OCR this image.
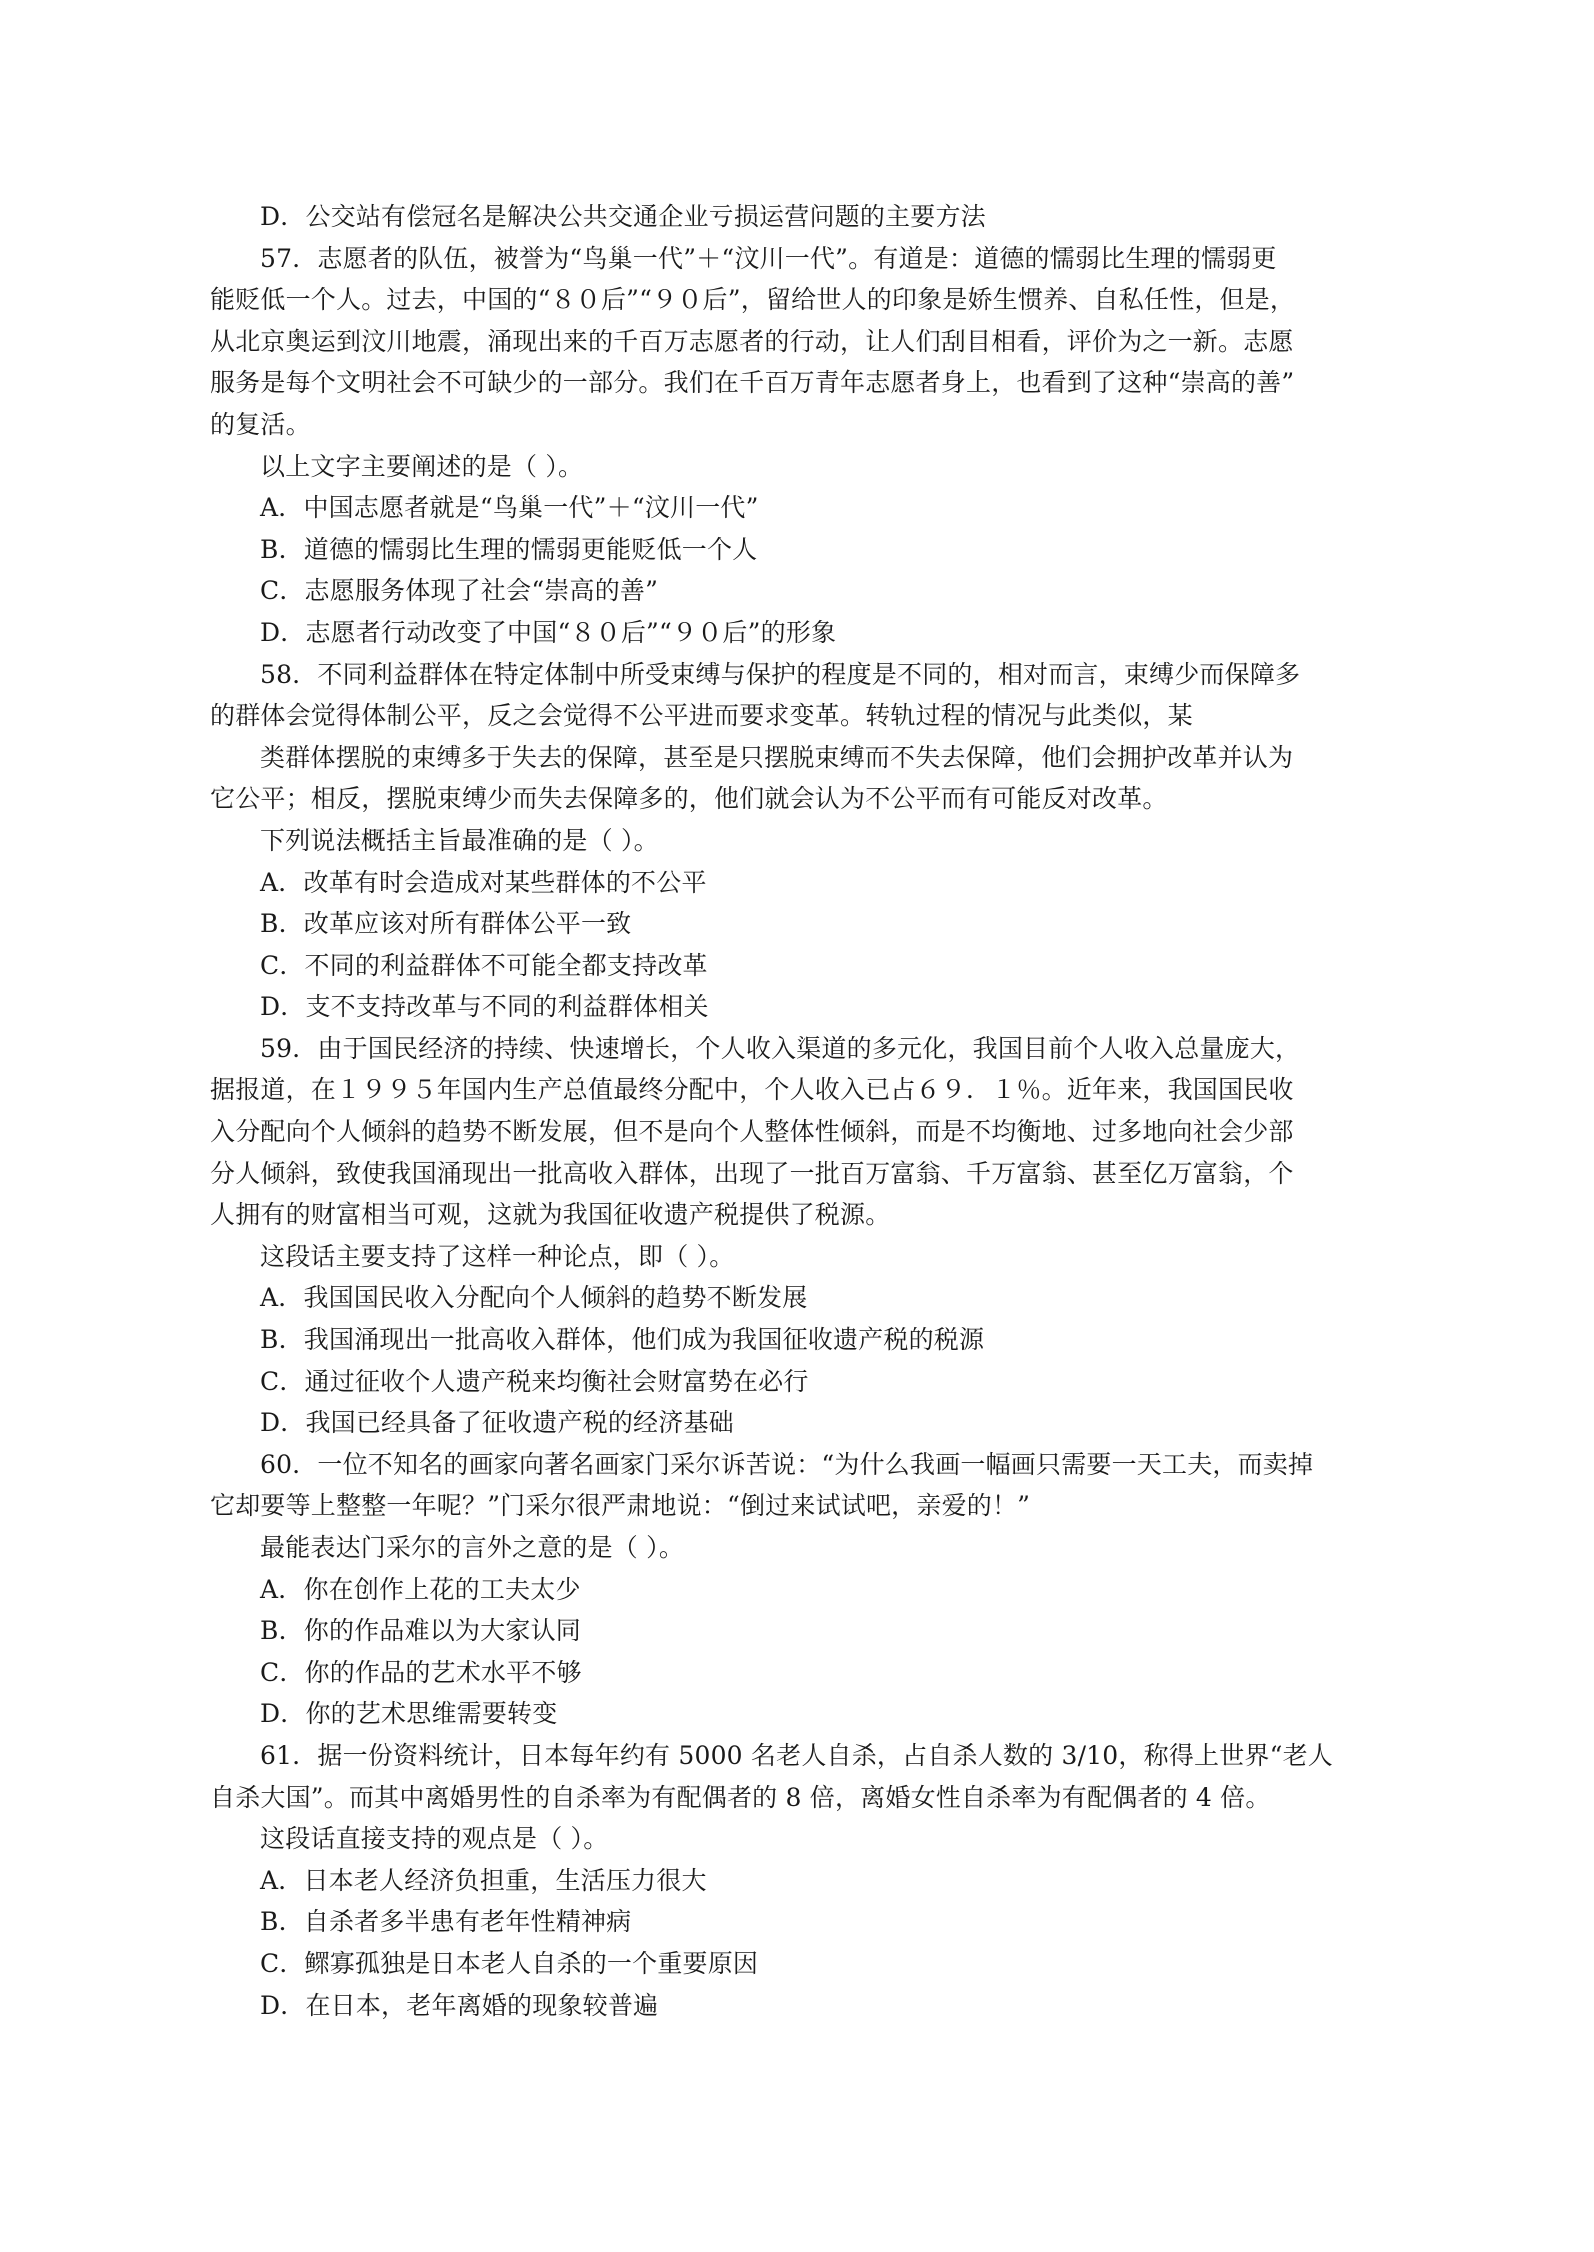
D．公交站有偿冠名是解决公共交通企业亏损运营问题的主要方法
57．志愿者的队伍，被誉为“鸟巢一代”＋“汶川一代”。有道是：道德的懦弱比生理的懦弱更
能贬低一个人。过去，中国的“８０后”“９０后”，留给世人的印象是娇生惯养、自私任性，但是，
从北京奥运到汶川地震，涌现出来的千百万志愿者的行动，让人们刮目相看，评价为之一新。志愿
服务是每个文明社会不可缺少的一部分。我们在千百万青年志愿者身上，也看到了这种“崇高的善”
的复活。
以上文字主要阐述的是（ ）。
A．中国志愿者就是“鸟巢一代”＋“汶川一代”
B．道德的懦弱比生理的懦弱更能贬低一个人
C．志愿服务体现了社会“崇高的善”
D．志愿者行动改变了中国“８０后”“９０后”的形象
58．不同利益群体在特定体制中所受束缚与保护的程度是不同的，相对而言，束缚少而保障多
的群体会觉得体制公平，反之会觉得不公平进而要求变革。转轨过程的情况与此类似，某
类群体摆脱的束缚多于失去的保障，甚至是只摆脱束缚而不失去保障，他们会拥护改革并认为
它公平；相反，摆脱束缚少而失去保障多的，他们就会认为不公平而有可能反对改革。
下列说法概括主旨最准确的是（ ）。
A．改革有时会造成对某些群体的不公平
B．改革应该对所有群体公平一致
C．不同的利益群体不可能全都支持改革
D．支不支持改革与不同的利益群体相关
59．由于国民经济的持续、快速增长，个人收入渠道的多元化，我国目前个人收入总量庞大，
据报道，在１９９５年国内生产总值最终分配中，个人收入已占６９．１％。近年来，我国国民收
入分配向个人倾斜的趋势不断发展，但不是向个人整体性倾斜，而是不均衡地、过多地向社会少部
分人倾斜，致使我国涌现出一批高收入群体，出现了一批百万富翁、千万富翁、甚至亿万富翁，个
人拥有的财富相当可观，这就为我国征收遗产税提供了税源。
这段话主要支持了这样一种论点，即（ ）。
A．我国国民收入分配向个人倾斜的趋势不断发展
B．我国涌现出一批高收入群体，他们成为我国征收遗产税的税源
C．通过征收个人遗产税来均衡社会财富势在必行
D．我国已经具备了征收遗产税的经济基础
60．一位不知名的画家向著名画家门采尔诉苦说：“为什么我画一幅画只需要一天工夫，而卖掉
它却要等上整整一年呢？”门采尔很严肃地说：“倒过来试试吧，亲爱的！”
最能表达门采尔的言外之意的是（ ）。
A．你在创作上花的工夫太少
B．你的作品难以为大家认同
C．你的作品的艺术水平不够
D．你的艺术思维需要转变
61．据一份资料统计，日本每年约有 5000 名老人自杀，占自杀人数的 3/10，称得上世界“老人
自杀大国”。而其中离婚男性的自杀率为有配偶者的 8 倍，离婚女性自杀率为有配偶者的 4 倍。
这段话直接支持的观点是（ ）。
A．日本老人经济负担重，生活压力很大
B．自杀者多半患有老年性精神病
C．鳏寡孤独是日本老人自杀的一个重要原因
D．在日本，老年离婚的现象较普遍
